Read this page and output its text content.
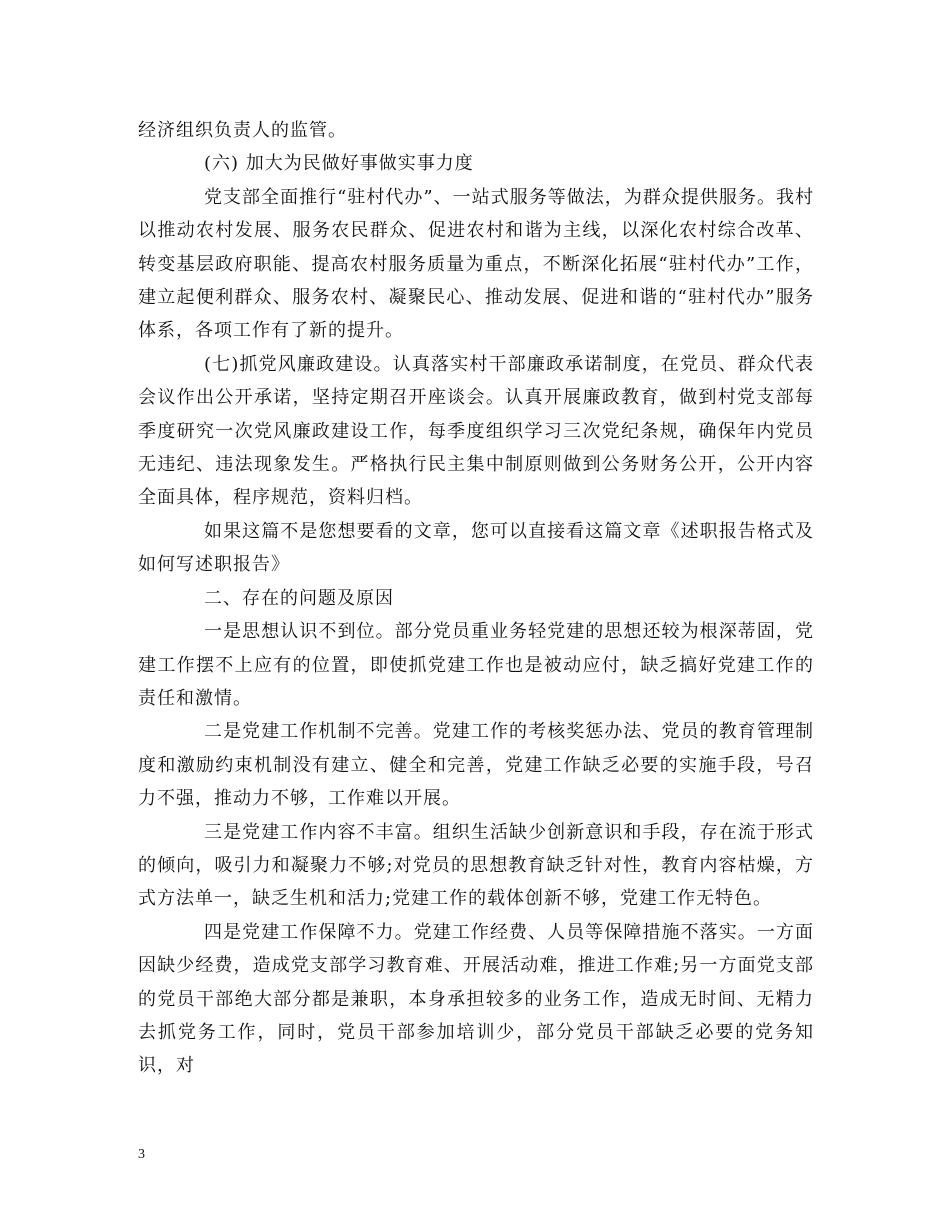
经济组织负责人的监管。

(六) 加大为民做好事做实事力度

党支部全面推行“驻村代办”、一站式服务等做法，为群众提供服务。我村以推动农村发展、服务农民群众、促进农村和谐为主线，以深化农村综合改革、转变基层政府职能、提高农村服务质量为重点，不断深化拓展“驻村代办”工作，建立起便利群众、服务农村、凝聚民心、推动发展、促进和谐的“驻村代办”服务体系，各项工作有了新的提升。

(七)抓党风廉政建设。认真落实村干部廉政承诺制度，在党员、群众代表会议作出公开承诺，坚持定期召开座谈会。认真开展廉政教育，做到村党支部每季度研究一次党风廉政建设工作，每季度组织学习三次党纪条规，确保年内党员无违纪、违法现象发生。严格执行民主集中制原则做到公务财务公开，公开内容全面具体，程序规范，资料归档。

如果这篇不是您想要看的文章，您可以直接看这篇文章《述职报告格式及如何写述职报告》

二、存在的问题及原因

一是思想认识不到位。部分党员重业务轻党建的思想还较为根深蒂固，党建工作摆不上应有的位置，即使抓党建工作也是被动应付，缺乏搞好党建工作的责任和激情。

二是党建工作机制不完善。党建工作的考核奖惩办法、党员的教育管理制度和激励约束机制没有建立、健全和完善，党建工作缺乏必要的实施手段，号召力不强，推动力不够，工作难以开展。

三是党建工作内容不丰富。组织生活缺少创新意识和手段，存在流于形式的倾向，吸引力和凝聚力不够;对党员的思想教育缺乏针对性，教育内容枯燥，方式方法单一，缺乏生机和活力;党建工作的载体创新不够，党建工作无特色。

四是党建工作保障不力。党建工作经费、人员等保障措施不落实。一方面因缺少经费，造成党支部学习教育难、开展活动难，推进工作难;另一方面党支部的党员干部绝大部分都是兼职，本身承担较多的业务工作，造成无时间、无精力去抓党务工作，同时，党员干部参加培训少，部分党员干部缺乏必要的党务知识，对

3
